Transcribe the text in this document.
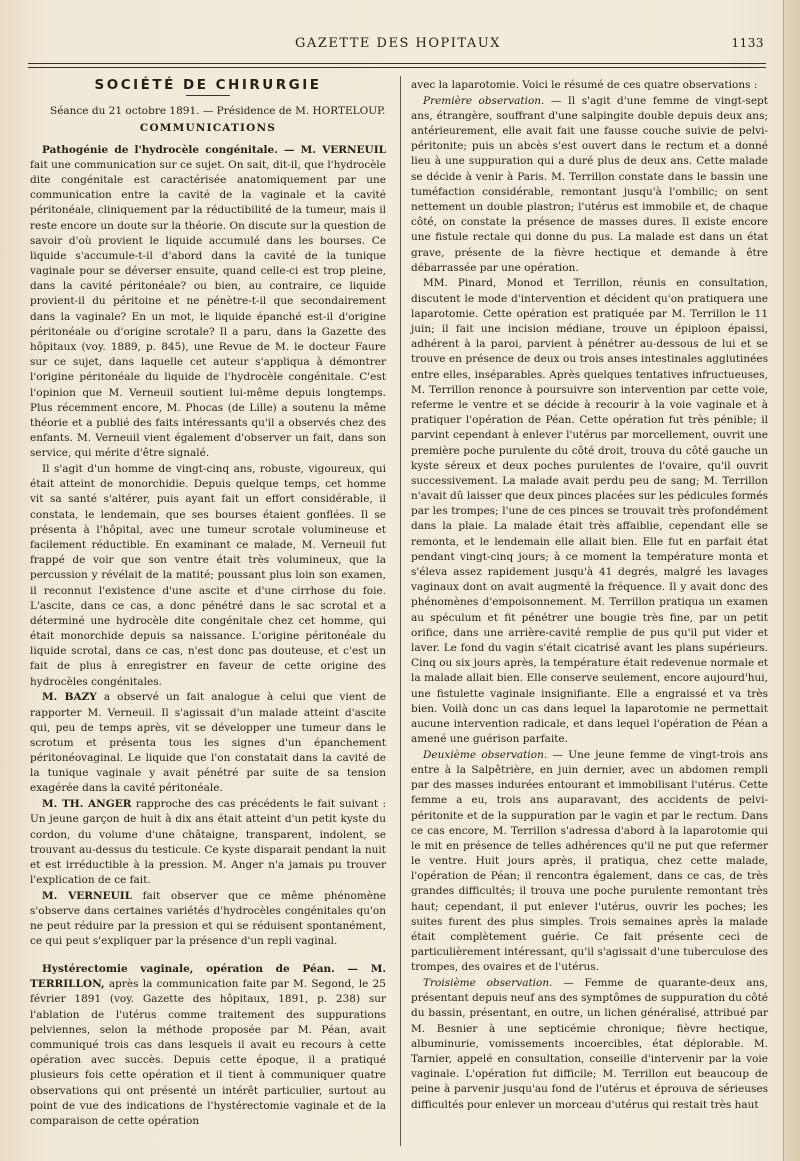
GAZETTE DES HOPITAUX	1133
SOCIÉTÉ DE CHIRURGIE

Séance du 21 octobre 1891. — Présidence de M. HORTELOUP.

COMMUNICATIONS

Pathogénie de l'hydrocèle congénitale. — M. VERNEUIL fait une communication sur ce sujet. On sait, dit-il, que l'hydrocèle dite congénitale est caractérisée anatomiquement par une communication entre la cavité de la vaginale et la cavité péritonéale, cliniquement par la réductibilité de la tumeur, mais il reste encore un doute sur la théorie. On discute sur la question de savoir d'où provient le liquide accumulé dans les bourses. Ce liquide s'accumule-t-il d'abord dans la cavité de la tunique vaginale pour se déverser ensuite, quand celle-ci est trop pleine, dans la cavité péritonéale? ou bien, au contraire, ce liquide provient-il du péritoine et ne pénètre-t-il que secondairement dans la vaginale? En un mot, le liquide épanché est-il d'origine péritonéale ou d'origine scrotale? Il a paru, dans la Gazette des hôpitaux (voy. 1889, p. 845), une Revue de M. le docteur Faure sur ce sujet, dans laquelle cet auteur s'appliqua à démontrer l'origine péritonéale du liquide de l'hydrocèle congénitale. C'est l'opinion que M. Verneuil soutient lui-même depuis longtemps. Plus récemment encore, M. Phocas (de Lille) a soutenu la même théorie et a publié des faits intéressants qu'il a observés chez des enfants. M. Verneuil vient également d'observer un fait, dans son service, qui mérite d'être signalé.

Il s'agit d'un homme de vingt-cinq ans, robuste, vigoureux, qui était atteint de monorchidie. Depuis quelque temps, cet homme vit sa santé s'altérer, puis ayant fait un effort considérable, il constata, le lendemain, que ses bourses étaient gonflées. Il se présenta à l'hôpital, avec une tumeur scrotale volumineuse et facilement réductible. En examinant ce malade, M. Verneuil fut frappé de voir que son ventre était très volumineux, que la percussion y révélait de la matité; poussant plus loin son examen, il reconnut l'existence d'une ascite et d'une cirrhose du foie. L'ascite, dans ce cas, a donc pénétré dans le sac scrotal et a déterminé une hydrocèle dite congénitale chez cet homme, qui était monorchide depuis sa naissance. L'origine péritonéale du liquide scrotal, dans ce cas, n'est donc pas douteuse, et c'est un fait de plus à enregistrer en faveur de cette origine des hydrocèles congénitales.

M. BAZY a observé un fait analogue à celui que vient de rapporter M. Verneuil. Il s'agissait d'un malade atteint d'ascite qui, peu de temps après, vit se développer une tumeur dans le scrotum et présenta tous les signes d'un épanchement péritonéovaginal. Le liquide que l'on constatait dans la cavité de la tunique vaginale y avait pénétré par suite de sa tension exagérée dans la cavité péritonéale.

M. TH. ANGER rapproche des cas précédents le fait suivant : Un jeune garçon de huit à dix ans était atteint d'un petit kyste du cordon, du volume d'une châtaigne, transparent, indolent, se trouvant au-dessus du testicule. Ce kyste disparait pendant la nuit et est irréductible à la pression. M. Anger n'a jamais pu trouver l'explication de ce fait.

M. VERNEUIL fait observer que ce même phénomène s'observe dans certaines variétés d'hydrocèles congénitales qu'on ne peut réduire par la pression et qui se réduisent spontanément, ce qui peut s'expliquer par la présence d'un repli vaginal.

Hystérectomie vaginale, opération de Péan. — M. TERRILLON, après la communication faite par M. Segond, le 25 février 1891 (voy. Gazette des hôpitaux, 1891, p. 238) sur l'ablation de l'utérus comme traitement des suppurations pelviennes, selon la méthode proposée par M. Péan, avait communiqué trois cas dans lesquels il avait eu recours à cette opération avec succès. Depuis cette époque, il a pratiqué plusieurs fois cette opération et il tient à communiquer quatre observations qui ont présenté un intérêt particulier, surtout au point de vue des indications de l'hystérectomie vaginale et de la comparaison de cette opération

avec la laparotomie. Voici le résumé de ces quatre observations :

Première observation. — Il s'agit d'une femme de vingt-sept ans, étrangère, souffrant d'une salpingite double depuis deux ans; antérieurement, elle avait fait une fausse couche suivie de pelvi-péritonite; puis un abcès s'est ouvert dans le rectum et a donné lieu à une suppuration qui a duré plus de deux ans. Cette malade se décide à venir à Paris. M. Terrillon constate dans le bassin une tuméfaction considérable, remontant jusqu'à l'ombilic; on sent nettement un double plastron; l'utérus est immobile et, de chaque côté, on constate la présence de masses dures. Il existe encore une fistule rectale qui donne du pus. La malade est dans un état grave, présente de la fièvre hectique et demande à être débarrassée par une opération.

MM. Pinard, Monod et Terrillon, réunis en consultation, discutent le mode d'intervention et décident qu'on pratiquera une laparotomie. Cette opération est pratiquée par M. Terrillon le 11 juin; il fait une incision médiane, trouve un épiploon épaissi, adhérent à la paroi, parvient à pénétrer au-dessous de lui et se trouve en présence de deux ou trois anses intestinales agglutinées entre elles, inséparables. Après quelques tentatives infructueuses, M. Terrillon renonce à poursuivre son intervention par cette voie, referme le ventre et se décide à recourir à la voie vaginale et à pratiquer l'opération de Péan. Cette opération fut très pénible; il parvint cependant à enlever l'utérus par morcellement, ouvrit une première poche purulente du côté droit, trouva du côté gauche un kyste séreux et deux poches purulentes de l'ovaire, qu'il ouvrit successivement. La malade avait perdu peu de sang; M. Terrillon n'avait dû laisser que deux pinces placées sur les pédicules formés par les trompes; l'une de ces pinces se trouvait très profondément dans la plaie. La malade était très affaiblie, cependant elle se remonta, et le lendemain elle allait bien. Elle fut en parfait état pendant vingt-cinq jours; à ce moment la température monta et s'éleva assez rapidement jusqu'à 41 degrés, malgré les lavages vaginaux dont on avait augmenté la fréquence. Il y avait donc des phénomènes d'empoisonnement. M. Terrillon pratiqua un examen au spéculum et fit pénétrer une bougie très fine, par un petit orifice, dans une arrière-cavité remplie de pus qu'il put vider et laver. Le fond du vagin s'était cicatrisé avant les plans supérieurs. Cinq ou six jours après, la température était redevenue normale et la malade allait bien. Elle conserve seulement, encore aujourd'hui, une fistulette vaginale insignifiante. Elle a engraissé et va très bien. Voilà donc un cas dans lequel la laparotomie ne permettait aucune intervention radicale, et dans lequel l'opération de Péan a amené une guérison parfaite.

Deuxième observation. — Une jeune femme de vingt-trois ans entre à la Salpêtrière, en juin dernier, avec un abdomen rempli par des masses indurées entourant et immobilisant l'utérus. Cette femme a eu, trois ans auparavant, des accidents de pelvi-péritonite et de la suppuration par le vagin et par le rectum. Dans ce cas encore, M. Terrillon s'adressa d'abord à la laparotomie qui le mit en présence de telles adhérences qu'il ne put que refermer le ventre. Huit jours après, il pratiqua, chez cette malade, l'opération de Péan; il rencontra également, dans ce cas, de très grandes difficultés; il trouva une poche purulente remontant très haut; cependant, il put enlever l'utérus, ouvrir les poches; les suites furent des plus simples. Trois semaines après la malade était complètement guérie. Ce fait présente ceci de particulièrement intéressant, qu'il s'agissait d'une tuberculose des trompes, des ovaires et de l'utérus.

Troisième observation. — Femme de quarante-deux ans, présentant depuis neuf ans des symptômes de suppuration du côté du bassin, présentant, en outre, un lichen généralisé, attribué par M. Besnier à une septicémie chronique; fièvre hectique, albuminurie, vomissements incoercibles, état déplorable. M. Tarnier, appelé en consultation, conseille d'intervenir par la voie vaginale. L'opération fut difficile; M. Terrillon eut beaucoup de peine à parvenir jusqu'au fond de l'utérus et éprouva de sérieuses difficultés pour enlever un morceau d'utérus qui restait très haut
